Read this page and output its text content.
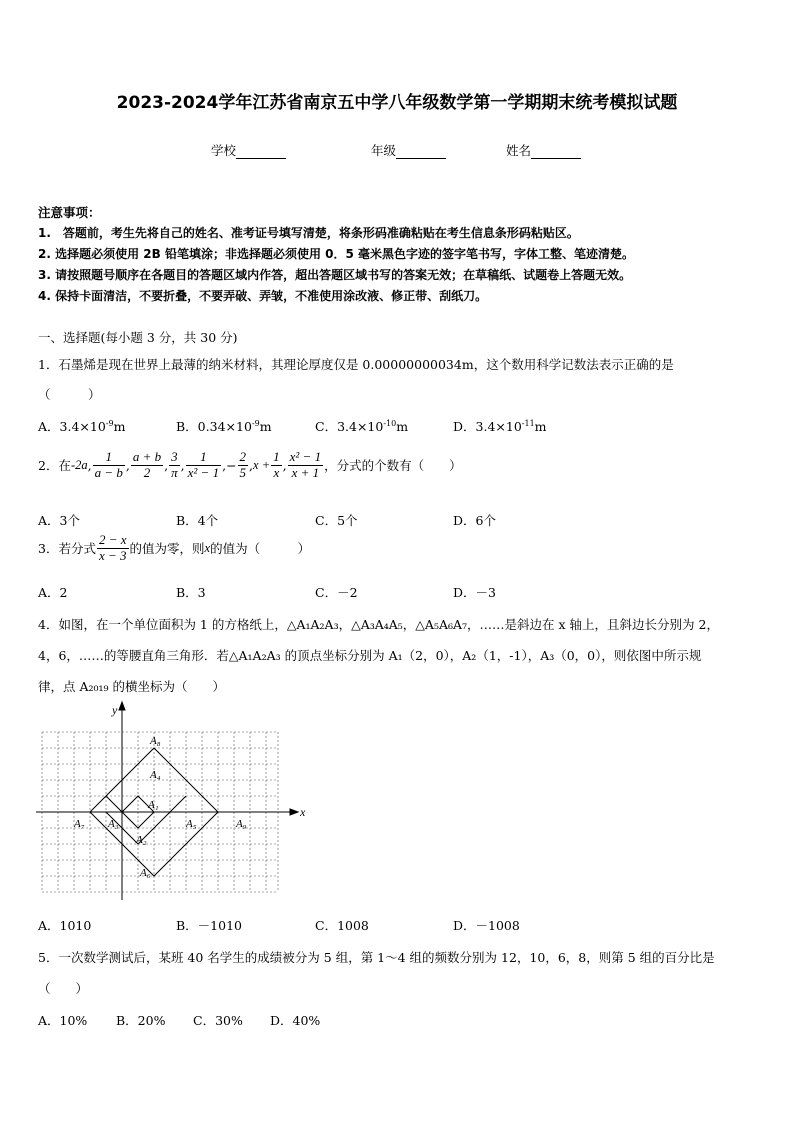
2023-2024学年江苏省南京五中学八年级数学第一学期期末统考模拟试题
学校	年级	姓名
注意事项：
1.　答题前，考生先将自己的姓名、准考证号填写清楚，将条形码准确粘贴在考生信息条形码粘贴区。
2. 选择题必须使用 2B 铅笔填涂；非选择题必须使用 0．5 毫米黑色字迹的签字笔书写，字体工整、笔迹清楚。
3. 请按照题号顺序在各题目的答题区域内作答，超出答题区域书写的答案无效；在草稿纸、试题卷上答题无效。
4. 保持卡面清洁，不要折叠，不要弄破、弄皱，不准使用涂改液、修正带、刮纸刀。
一、选择题(每小题 3 分，共 30 分)
1．石墨烯是现在世界上最薄的纳米材料，其理论厚度仅是 0.00000000034m，这个数用科学记数法表示正确的是
（　　　）
A．$3.4\times 10^{-9}m$	B．$0.34\times 10^{-9}m$	C．$3.4\times 10^{-10}m$	D．$3.4\times 10^{-11}m$
2．在 -2a , $\frac{1}{a - b}$ , $\frac{a + b}{2}$ , $\frac{3}{\pi}$ , $\frac{1}{\text{x² − 1}}$ ,− $\frac{2}{5}$ , $x + \frac{1}{x}$ , $\frac{\text{x² − 1}}{x + 1}$ ，分式的个数有（　　）
A．3个	B．4个	C．5个	D．6个
3．若分式 $\frac{2 - x}{x - 3}$ 的值为零，则 x 的值为（　　　）
A．2	B．3	C．－2	D．－3
4．如图，在一个单位面积为 1 的方格纸上，△A₁A₂A₃，△A₃A₄A₅，△A₅A₆A₇，……是斜边在 x 轴上，且斜边长分别为 2，
4，6，……的等腰直角三角形．若△A₁A₂A₃ 的顶点坐标分别为 A₁（2，0），A₂（1，-1），A₃（0，0），则依图中所示规
律，点 A₂₀₁₉ 的横坐标为（　　）
x
y
A₁
A₂
A₃
A₄
A₅
A₆
A₇
A₈
A₉
A．1010	B．－1010	C．1008	D．－1008
5．一次数学测试后，某班 40 名学生的成绩被分为 5 组，第 1～4 组的频数分别为 12，10，6，8，则第 5 组的百分比是
（　　）
A．10% B．20% C．30% D．40%
